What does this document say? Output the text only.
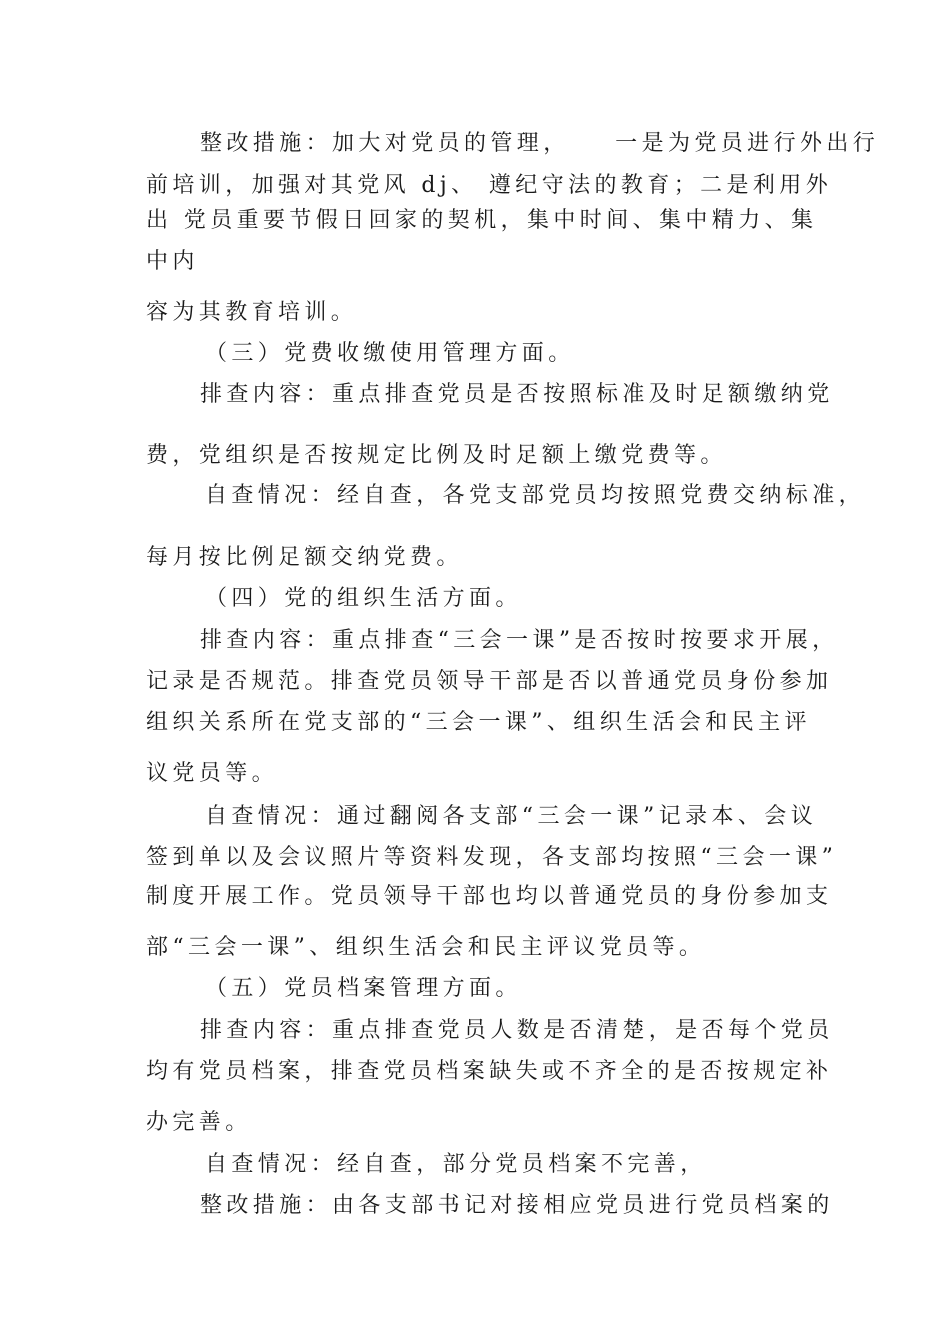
整改措施：加大对党员的管理，    一是为党员进行外出行
前培训，加强对其党风 dj、 遵纪守法的教育；二是利用外
出 党员重要节假日回家的契机，集中时间、集中精力、集
中内
容为其教育培训。
（三）党费收缴使用管理方面。
排查内容：重点排查党员是否按照标准及时足额缴纳党
费，党组织是否按规定比例及时足额上缴党费等。
自查情况：经自查，各党支部党员均按照党费交纳标准，
每月按比例足额交纳党费。
（四）党的组织生活方面。
排查内容：重点排查“三会一课”是否按时按要求开展，
记录是否规范。排查党员领导干部是否以普通党员身份参加
组织关系所在党支部的“三会一课”、组织生活会和民主评
议党员等。
自查情况：通过翻阅各支部“三会一课”记录本、会议
签到单以及会议照片等资料发现，各支部均按照“三会一课”
制度开展工作。党员领导干部也均以普通党员的身份参加支
部“三会一课”、组织生活会和民主评议党员等。
（五）党员档案管理方面。
排查内容：重点排查党员人数是否清楚，是否每个党员
均有党员档案，排查党员档案缺失或不齐全的是否按规定补
办完善。
自查情况：经自查，部分党员档案不完善，
整改措施：由各支部书记对接相应党员进行党员档案的
